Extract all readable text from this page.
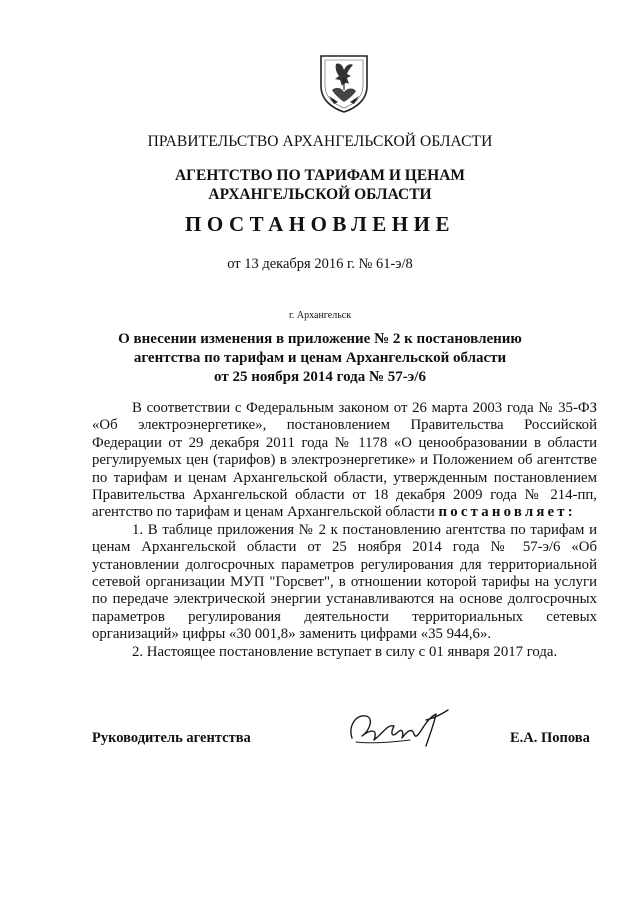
ПРАВИТЕЛЬСТВО АРХАНГЕЛЬСКОЙ ОБЛАСТИ
АГЕНТСТВО ПО ТАРИФАМ И ЦЕНАМ
АРХАНГЕЛЬСКОЙ ОБЛАСТИ
ПОСТАНОВЛЕНИЕ
от 13 декабря 2016 г. № 61-э/8
г. Архангельск
О внесении изменения в приложение № 2 к постановлению
агентства по тарифам и ценам Архангельской области
от 25 ноября 2014 года № 57-э/6

В соответствии с Федеральным законом от 26 марта 2003 года № 35-ФЗ «Об электроэнергетике», постановлением Правительства Российской Федерации от 29 декабря 2011 года № 1178 «О ценообразовании в области регулируемых цен (тарифов) в электроэнергетике» и Положением об агентстве по тарифам и ценам Архангельской области, утвержденным постановлением Правительства Архангельской области от 18 декабря 2009 года № 214-пп, агентство по тарифам и ценам Архангельской области постановляет:

1. В таблице приложения № 2 к постановлению агентства по тарифам и ценам Архангельской области от 25 ноября 2014 года № 57-э/6 «Об установлении долгосрочных параметров регулирования для территориальной сетевой организации МУП "Горсвет", в отношении которой тарифы на услуги по передаче электрической энергии устанавливаются на основе долгосрочных параметров регулирования деятельности территориальных сетевых организаций» цифры «30 001,8» заменить цифрами «35 944,6».

2. Настоящее постановление вступает в силу с 01 января 2017 года.

Руководитель агентства	Е.А. Попова
